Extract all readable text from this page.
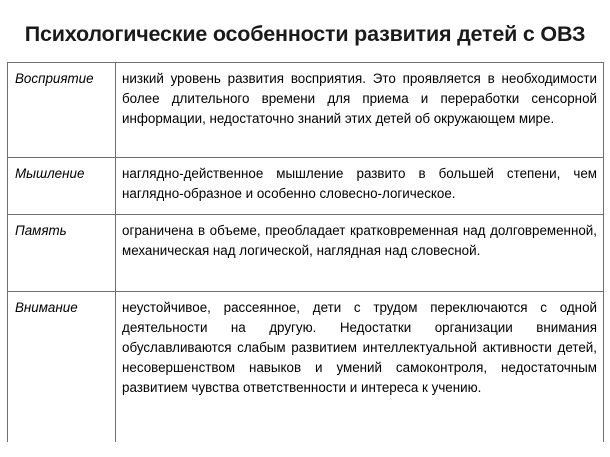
Психологические особенности развития детей с ОВЗ
Восприятие	низкий уровень развития восприятия. Это проявляется в необходимости более длительного времени для приема и переработки сенсорной информации, недостаточно знаний этих детей об окружающем мире.
Мышление	наглядно-действенное мышление развито в большей степени, чем наглядно-образное и особенно словесно-логическое.
Память	ограничена в объеме, преобладает кратковременная над долговременной, механическая над логической, наглядная над словесной.
Внимание	неустойчивое, рассеянное, дети с трудом переключаются с одной деятельности на другую. Недостатки организации внимания обуславливаются слабым развитием интеллектуальной активности детей, несовершенством навыков и умений самоконтроля, недостаточным развитием чувства ответственности и интереса к учению.
